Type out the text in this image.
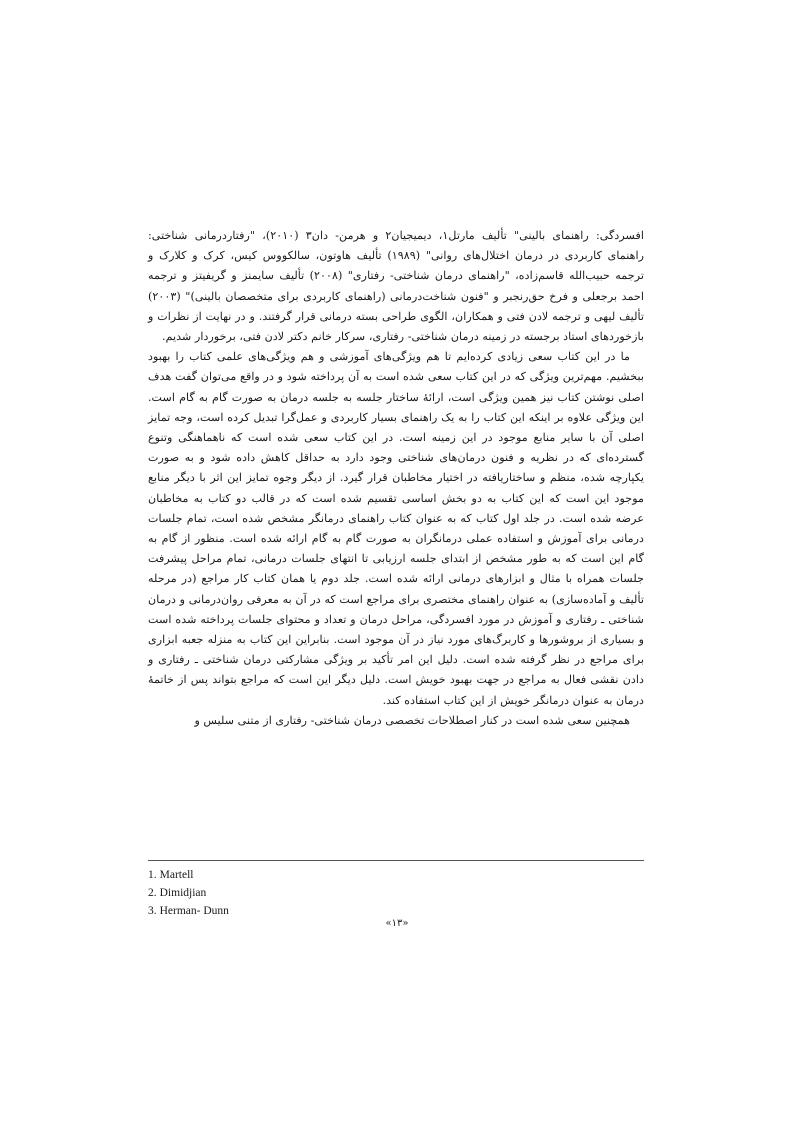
افسردگی: راهنمای بالینی" تألیف مارتل۱، دیمیجیان۲ و هرمن- دان۳ (۲۰۱۰)، "رفتاردرمانی شناختی: راهنمای کاربردی در درمان اختلال‌های روانی" (۱۹۸۹) تألیف هاوتون، سالکووس کیس، کرک و کلارک و ترجمه حبیب‌الله قاسم‌زاده، "راهنمای درمان شناختی- رفتاری" (۲۰۰۸) تألیف سایمنز و گریفیتز و ترجمه احمد برجعلی و فرخ حق‌رنجبر و "فنون شناخت‌درمانی (راهنمای کاربردی برای متخصصان بالینی)" (۲۰۰۳) تألیف لیهی و ترجمه لادن فتی و همکاران، الگوی طراحی بسته درمانی قرار گرفتند. و در نهایت از نظرات و بازخوردهای استاد برجسته در زمینه درمان شناختی- رفتاری، سرکار خانم دکتر لادن فتی، برخوردار شدیم.

ما در این کتاب سعی زیادی کرده‌ایم تا هم ویژگی‌های آموزشی و هم ویژگی‌های علمی کتاب را بهبود ببخشیم. مهم‌ترین ویژگی که در این کتاب سعی شده است به آن پرداخته شود و در واقع می‌توان گفت هدف اصلی نوشتن کتاب نیز همین ویژگی است، ارائۀ ساختار جلسه به جلسه درمان به صورت گام به گام است. این ویژگی علاوه بر اینکه این کتاب را به یک راهنمای بسیار کاربردی و عمل‌گرا تبدیل کرده است، وجه تمایز اصلی آن با سایر منابع موجود در این زمینه است. در این کتاب سعی شده است که ناهماهنگی وتنوع گسترده‌ای که در نظریه و فنون درمان‌های شناختی وجود دارد به حداقل کاهش داده شود و به صورت یکپارچه شده، منظم و ساختاریافته در اختیار مخاطبان قرار گیرد. از دیگر وجوه تمایز این اثر با دیگر منابع موجود این است که این کتاب به دو بخش اساسی تقسیم شده است که در قالب دو کتاب به مخاطبان عرضه شده است. در جلد اول کتاب که به عنوان کتاب راهنمای درمانگر مشخص شده است، تمام جلسات درمانی برای آموزش و استفاده عملی درمانگران به صورت گام به گام ارائه شده است. منظور از گام به گام این است که به طور مشخص از ابتدای جلسه ارزیابی تا انتهای جلسات درمانی، تمام مراحل پیشرفت جلسات همراه با مثال و ابزارهای درمانی ارائه شده است. جلد دوم یا همان کتاب کار مراجع (در مرحله تألیف و آماده‌سازی) به عنوان راهنمای مختصری برای مراجع است که در آن به معرفی روان‌درمانی و درمان شناختی ـ رفتاری و آموزش در مورد افسردگی، مراحل درمان و تعداد و محتوای جلسات پرداخته شده است و بسیاری از بروشورها و کاربرگ‌های مورد نیاز در آن موجود است. بنابراین این کتاب به منزله جعبه ابزاری برای مراجع در نظر گرفته شده است. دلیل این امر تأکید بر ویژگی مشارکتی درمان شناختی ـ رفتاری و دادن نقشی فعال به مراجع در جهت بهبود خویش است. دلیل دیگر این است که مراجع بتواند پس از خاتمۀ درمان به عنوان درمانگر خویش از این کتاب استفاده کند.

همچنین سعی شده است در کنار اصطلاحات تخصصی درمان شناختی- رفتاری از متنی سلیس و

1. Martell
2. Dimidjian
3. Herman- Dunn
«۱۳»
